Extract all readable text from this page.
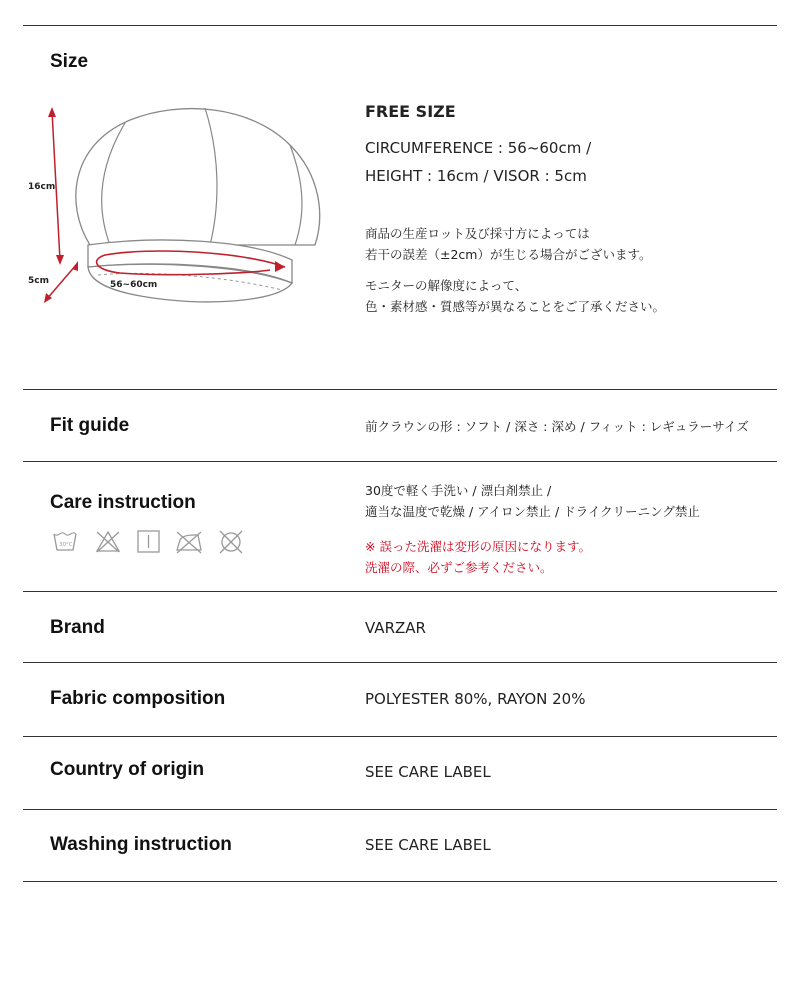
Size
16cm
5cm	56~60cm
FREE SIZE
CIRCUMFERENCE : 56~60cm /
HEIGHT : 16cm / VISOR : 5cm
商品の生産ロット及び採寸方によっては
若干の誤差（±2cm）が生じる場合がございます。
モニターの解像度によって、
色・素材感・質感等が異なることをご了承ください。
Fit guide	前クラウンの形 : ソフト / 深さ : 深め / フィット : レギュラーサイズ
Care instruction
30°C
30度で軽く手洗い / 漂白剤禁止 /
適当な温度で乾燥 / アイロン禁止 / ドライクリーニング禁止
※ 誤った洗濯は変形の原因になります。
洗濯の際、必ずご参考ください。
Brand	VARZAR
Fabric composition	POLYESTER 80%, RAYON 20%
Country of origin	SEE CARE LABEL
Washing instruction	SEE CARE LABEL
